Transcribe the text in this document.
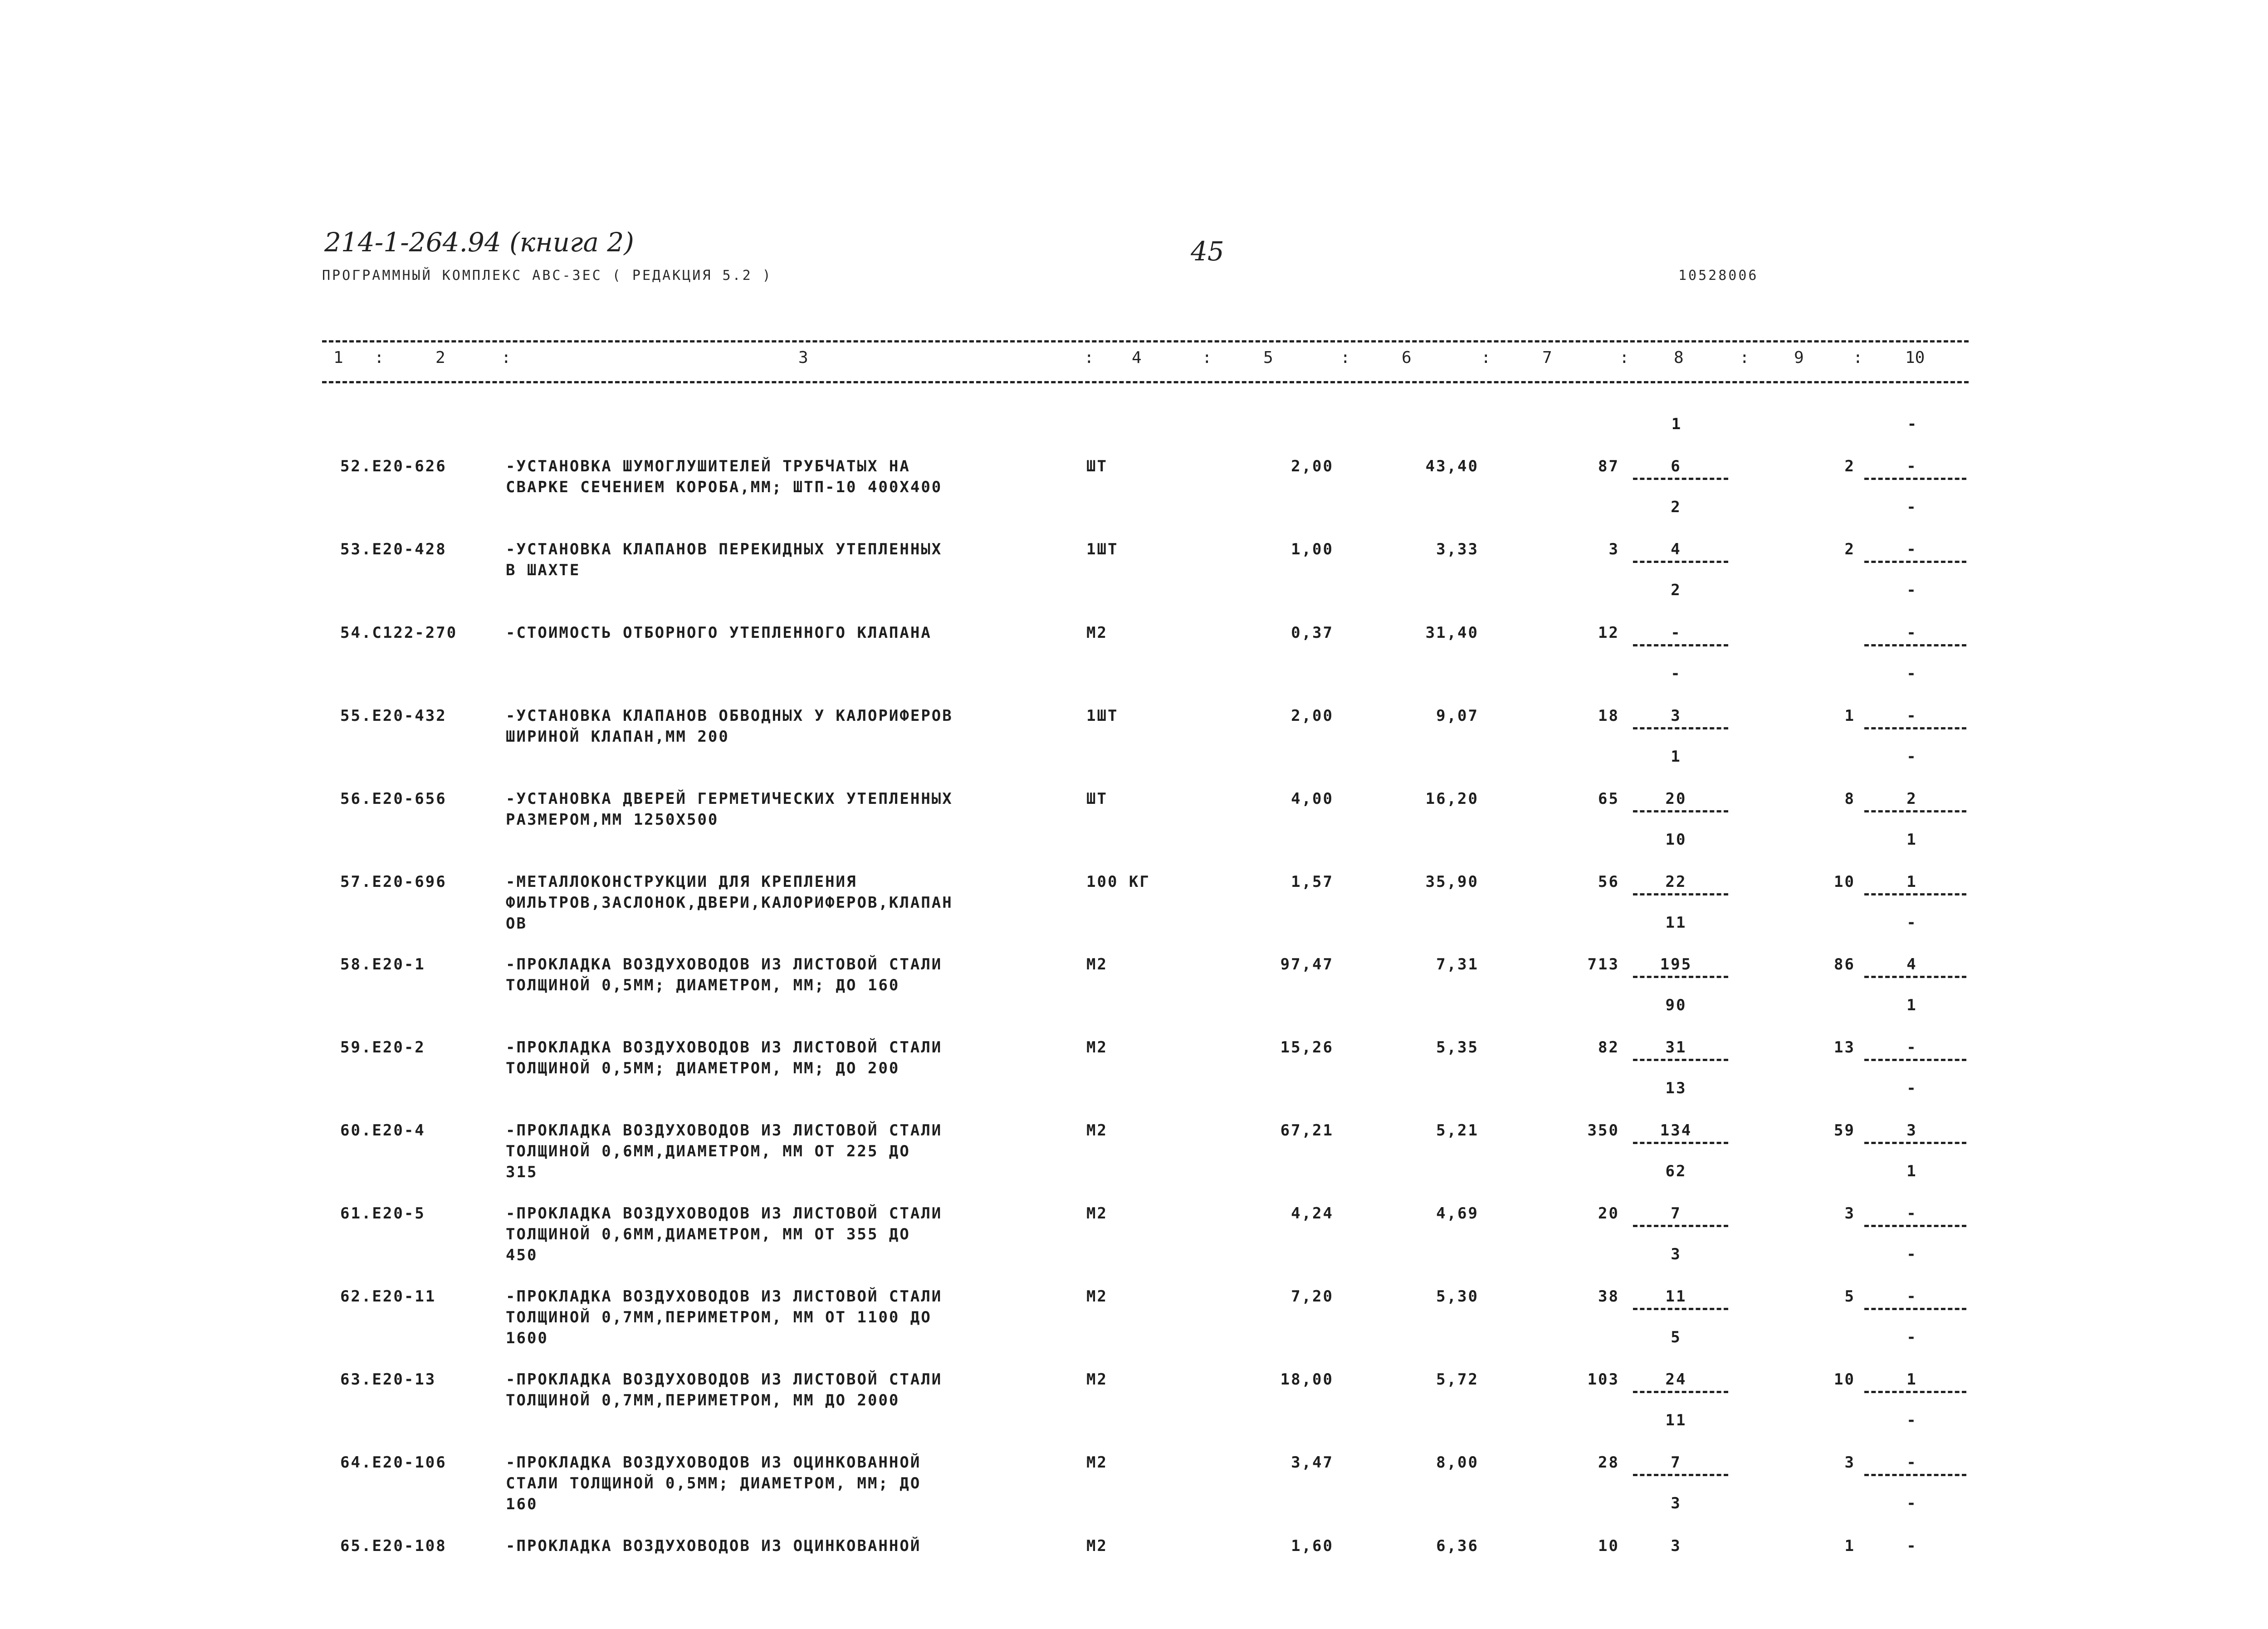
214-1-264.94 (книга 2)	45
ПРОГРАММНЫЙ КОМПЛЕКС АВС-3ЕС ( РЕДАКЦИЯ 5.2 )	10528006
1 :	2	:	3	: 4	:	5	:	6	:	7	:	8	:	9	:	10
1	-
52.Е20-626	-УСТАНОВКА ШУМОГЛУШИТЕЛЕЙ ТРУБЧАТЫХ НА
СВАРКЕ СЕЧЕНИЕМ КОРОБА,ММ; ШТП-10 400Х400
ШТ	2,00	43,40	87	6	2	-
2	-
53.Е20-428	-УСТАНОВКА КЛАПАНОВ ПЕРЕКИДНЫХ УТЕПЛЕННЫХ
В ШАХТЕ
1ШТ	1,00	3,33	3	4	2	-
2	-
54.С122-270	-СТОИМОСТЬ ОТБОРНОГО УТЕПЛЕННОГО КЛАПАНА	М2	0,37	31,40	12	-	-
-	-
55.Е20-432	-УСТАНОВКА КЛАПАНОВ ОБВОДНЫХ У КАЛОРИФЕРОВ
ШИРИНОЙ КЛАПАН,ММ 200
1ШТ	2,00	9,07	18	3	1	-
1	-
56.Е20-656	-УСТАНОВКА ДВЕРЕЙ ГЕРМЕТИЧЕСКИХ УТЕПЛЕННЫХ
РАЗМЕРОМ,ММ 1250Х500
ШТ	4,00	16,20	65	20	8	2
10	1
57.Е20-696	-МЕТАЛЛОКОНСТРУКЦИИ ДЛЯ КРЕПЛЕНИЯ
ФИЛЬТРОВ,ЗАСЛОНОК,ДВЕРИ,КАЛОРИФЕРОВ,КЛАПАН
ОВ
100 КГ	1,57	35,90	56	22	10	1
11	-
58.Е20-1	-ПРОКЛАДКА ВОЗДУХОВОДОВ ИЗ ЛИСТОВОЙ СТАЛИ
ТОЛЩИНОЙ 0,5ММ; ДИАМЕТРОМ, ММ; ДО 160
М2	97,47	7,31	713	195	86	4
90	1
59.Е20-2	-ПРОКЛАДКА ВОЗДУХОВОДОВ ИЗ ЛИСТОВОЙ СТАЛИ
ТОЛЩИНОЙ 0,5ММ; ДИАМЕТРОМ, ММ; ДО 200
М2	15,26	5,35	82	31	13	-
13	-
60.Е20-4	-ПРОКЛАДКА ВОЗДУХОВОДОВ ИЗ ЛИСТОВОЙ СТАЛИ
ТОЛЩИНОЙ 0,6ММ,ДИАМЕТРОМ, ММ ОТ 225 ДО
315
М2	67,21	5,21	350	134	59	3
62	1
61.Е20-5	-ПРОКЛАДКА ВОЗДУХОВОДОВ ИЗ ЛИСТОВОЙ СТАЛИ
ТОЛЩИНОЙ 0,6ММ,ДИАМЕТРОМ, ММ ОТ 355 ДО
450
М2	4,24	4,69	20	7	3	-
3	-
62.Е20-11	-ПРОКЛАДКА ВОЗДУХОВОДОВ ИЗ ЛИСТОВОЙ СТАЛИ
ТОЛЩИНОЙ 0,7ММ,ПЕРИМЕТРОМ, ММ ОТ 1100 ДО
1600
М2	7,20	5,30	38	11	5	-
5	-
63.Е20-13	-ПРОКЛАДКА ВОЗДУХОВОДОВ ИЗ ЛИСТОВОЙ СТАЛИ
ТОЛЩИНОЙ 0,7ММ,ПЕРИМЕТРОМ, ММ ДО 2000
М2	18,00	5,72	103	24	10	1
11	-
64.Е20-106	-ПРОКЛАДКА ВОЗДУХОВОДОВ ИЗ ОЦИНКОВАННОЙ
СТАЛИ ТОЛЩИНОЙ 0,5ММ; ДИАМЕТРОМ, ММ; ДО
160
М2	3,47	8,00	28	7	3	-
3	-
65.Е20-108	-ПРОКЛАДКА ВОЗДУХОВОДОВ ИЗ ОЦИНКОВАННОЙ	М2	1,60	6,36	10	3	1	-
